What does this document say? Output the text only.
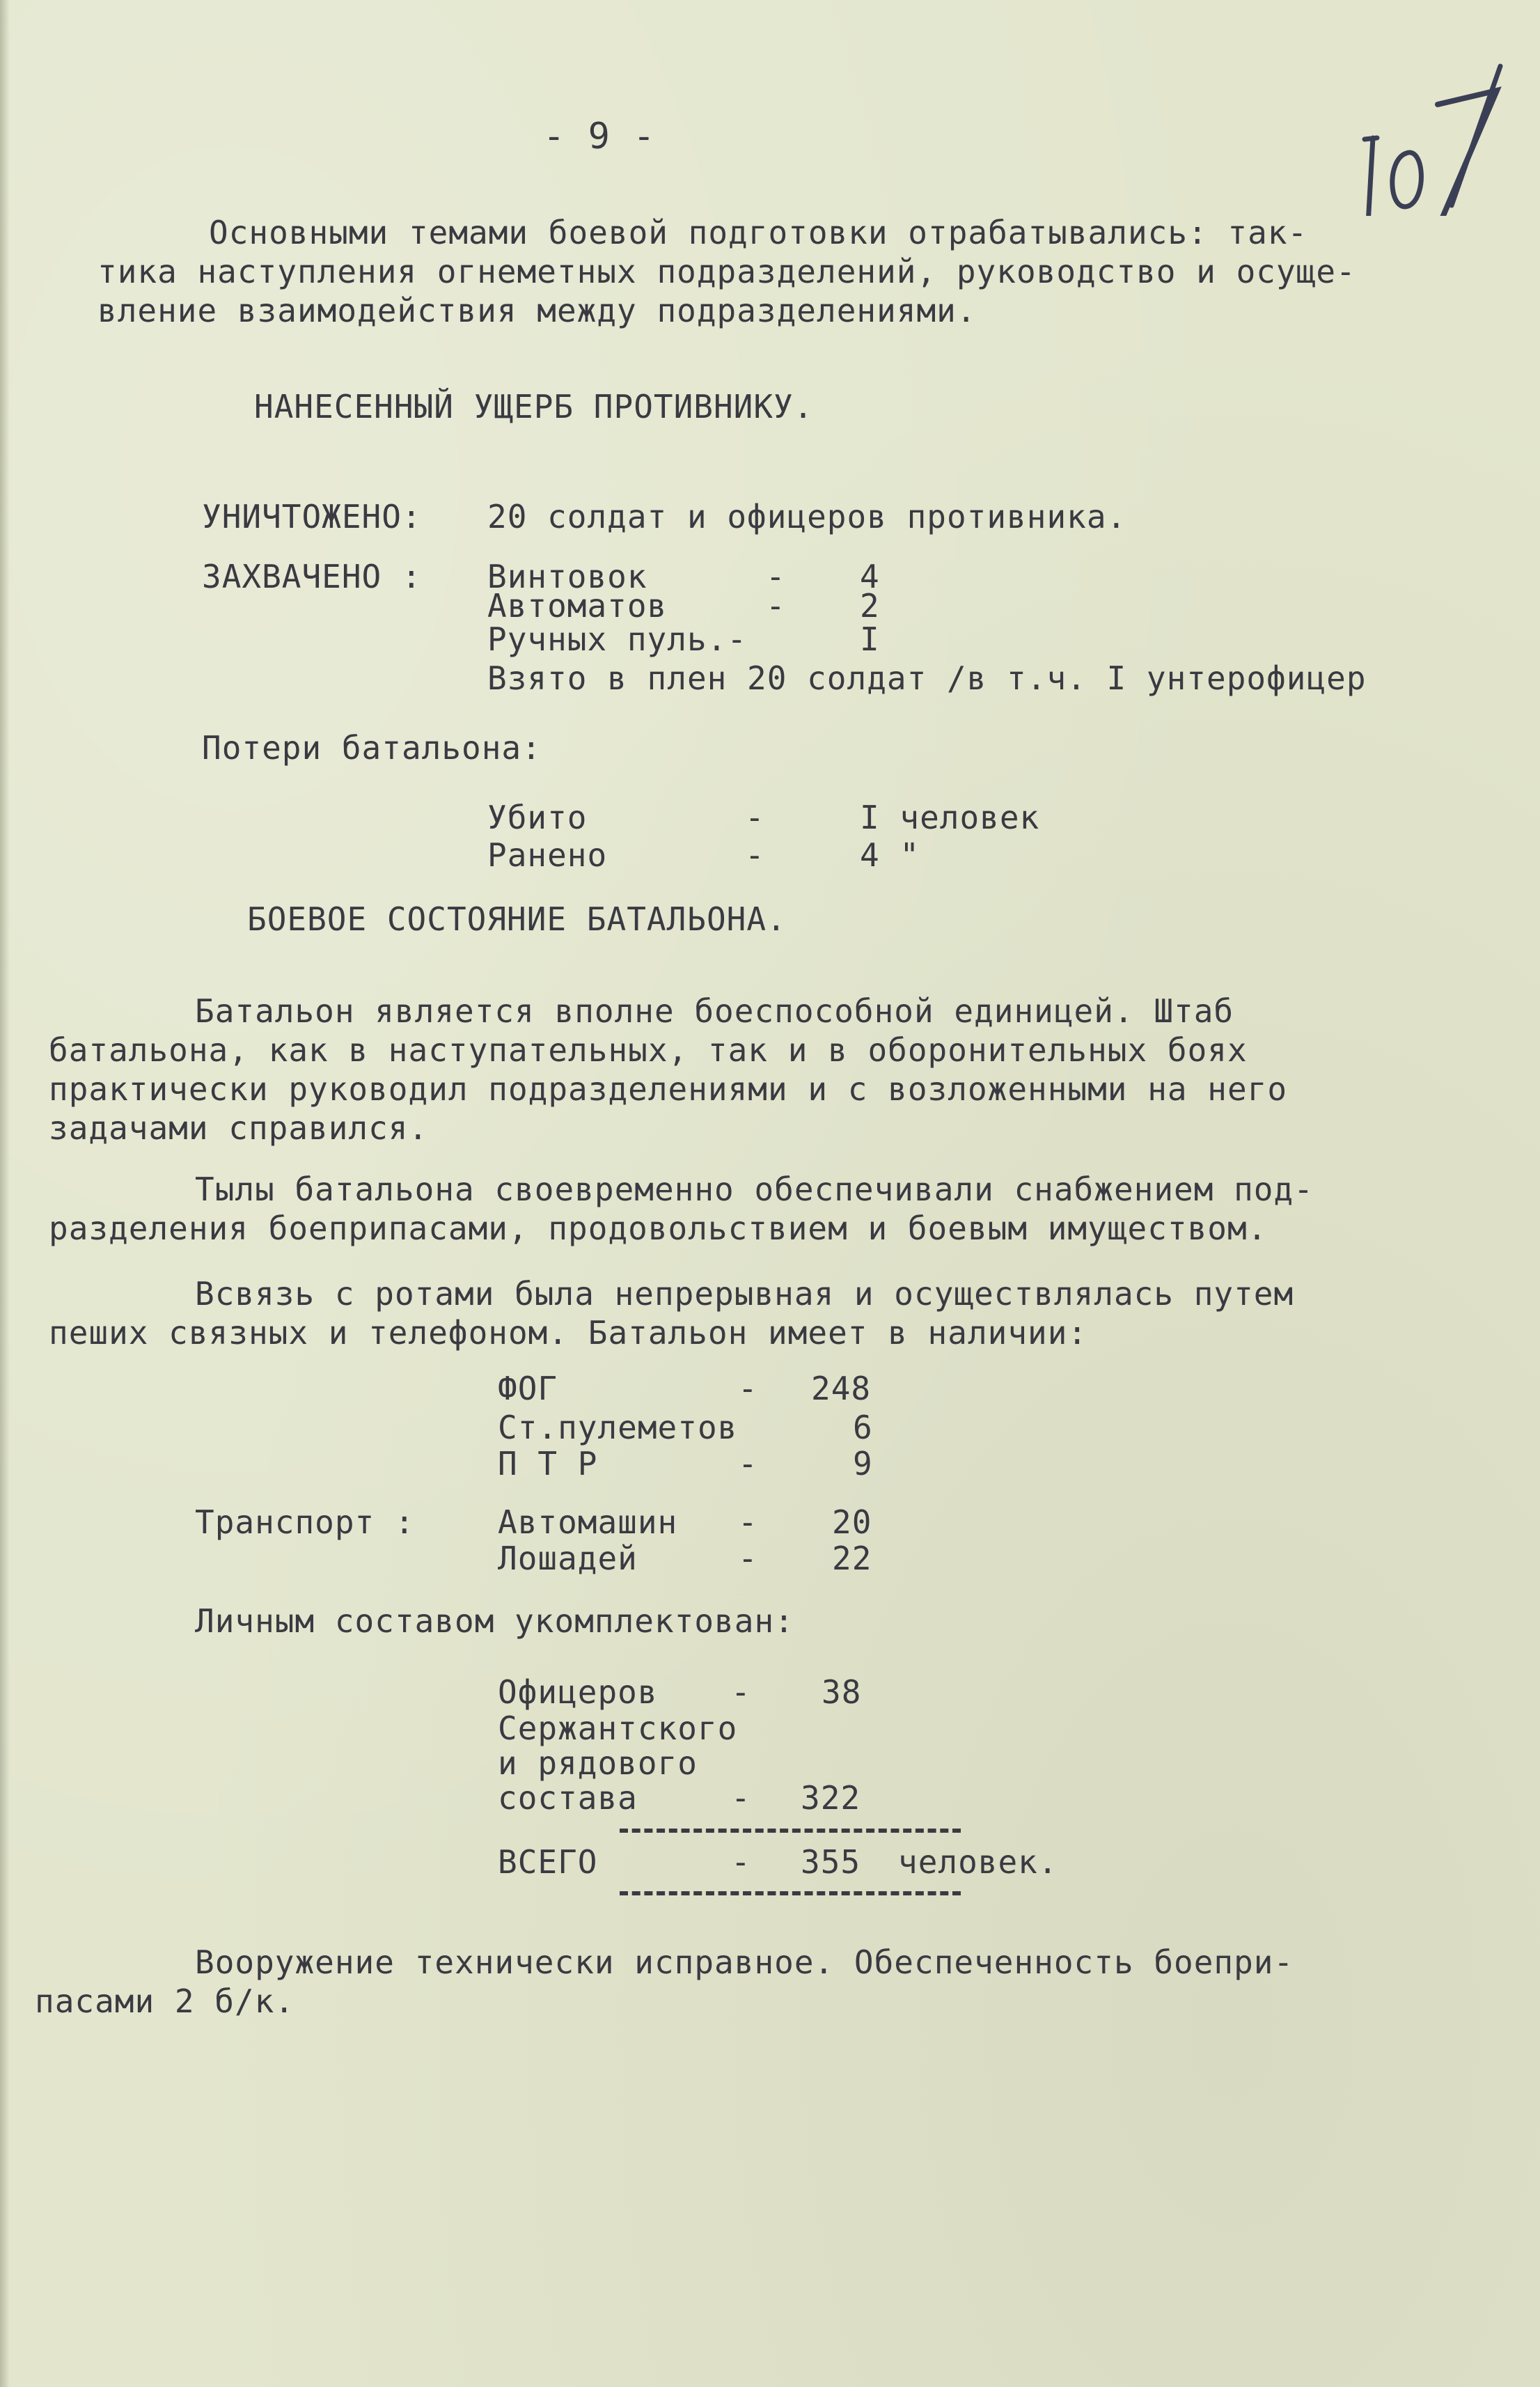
- 9 -
Основными темами боевой подготовки отрабатывались: так-
тика наступления огнеметных подразделений, руководство и осуще-
вление взаимодействия между подразделениями.
НАНЕСЕННЫЙ УЩЕРБ ПРОТИВНИКУ.
УНИЧТОЖЕНО: 20 солдат и офицеров противника.
ЗАХВАЧЕНО : Винтовок	- 4
Автоматов	- 2
Ручных пуль.-	I
Взято в плен 20 солдат /в т.ч. I унтерофицер
Потери батальона:
Убито	-	I человек
Ранено	-	4 "
БОЕВОЕ СОСТОЯНИЕ БАТАЛЬОНА.
Батальон является вполне боеспособной единицей. Штаб
батальона, как в наступательных, так и в оборонительных боях
практически руководил подразделениями и с возложенными на него
задачами справился.
Тылы батальона своевременно обеспечивали снабжением под-
разделения боеприпасами, продовольствием и боевым имуществом.
Всвязь с ротами была непрерывная и осуществлялась путем
пеших связных и телефоном. Батальон имеет в наличии:
ФОГ	- 248
Ст.пулеметов	6
П Т Р	-	9
Транспорт :	Автомашин - 20
Лошадей	- 22
Личным составом укомплектован:
Офицеров - 38
Сержантского
и рядового
состава	- 322
ВСЕГО	- 355 человек.
Вооружение технически исправное. Обеспеченность боепри-
пасами 2 б/к.
